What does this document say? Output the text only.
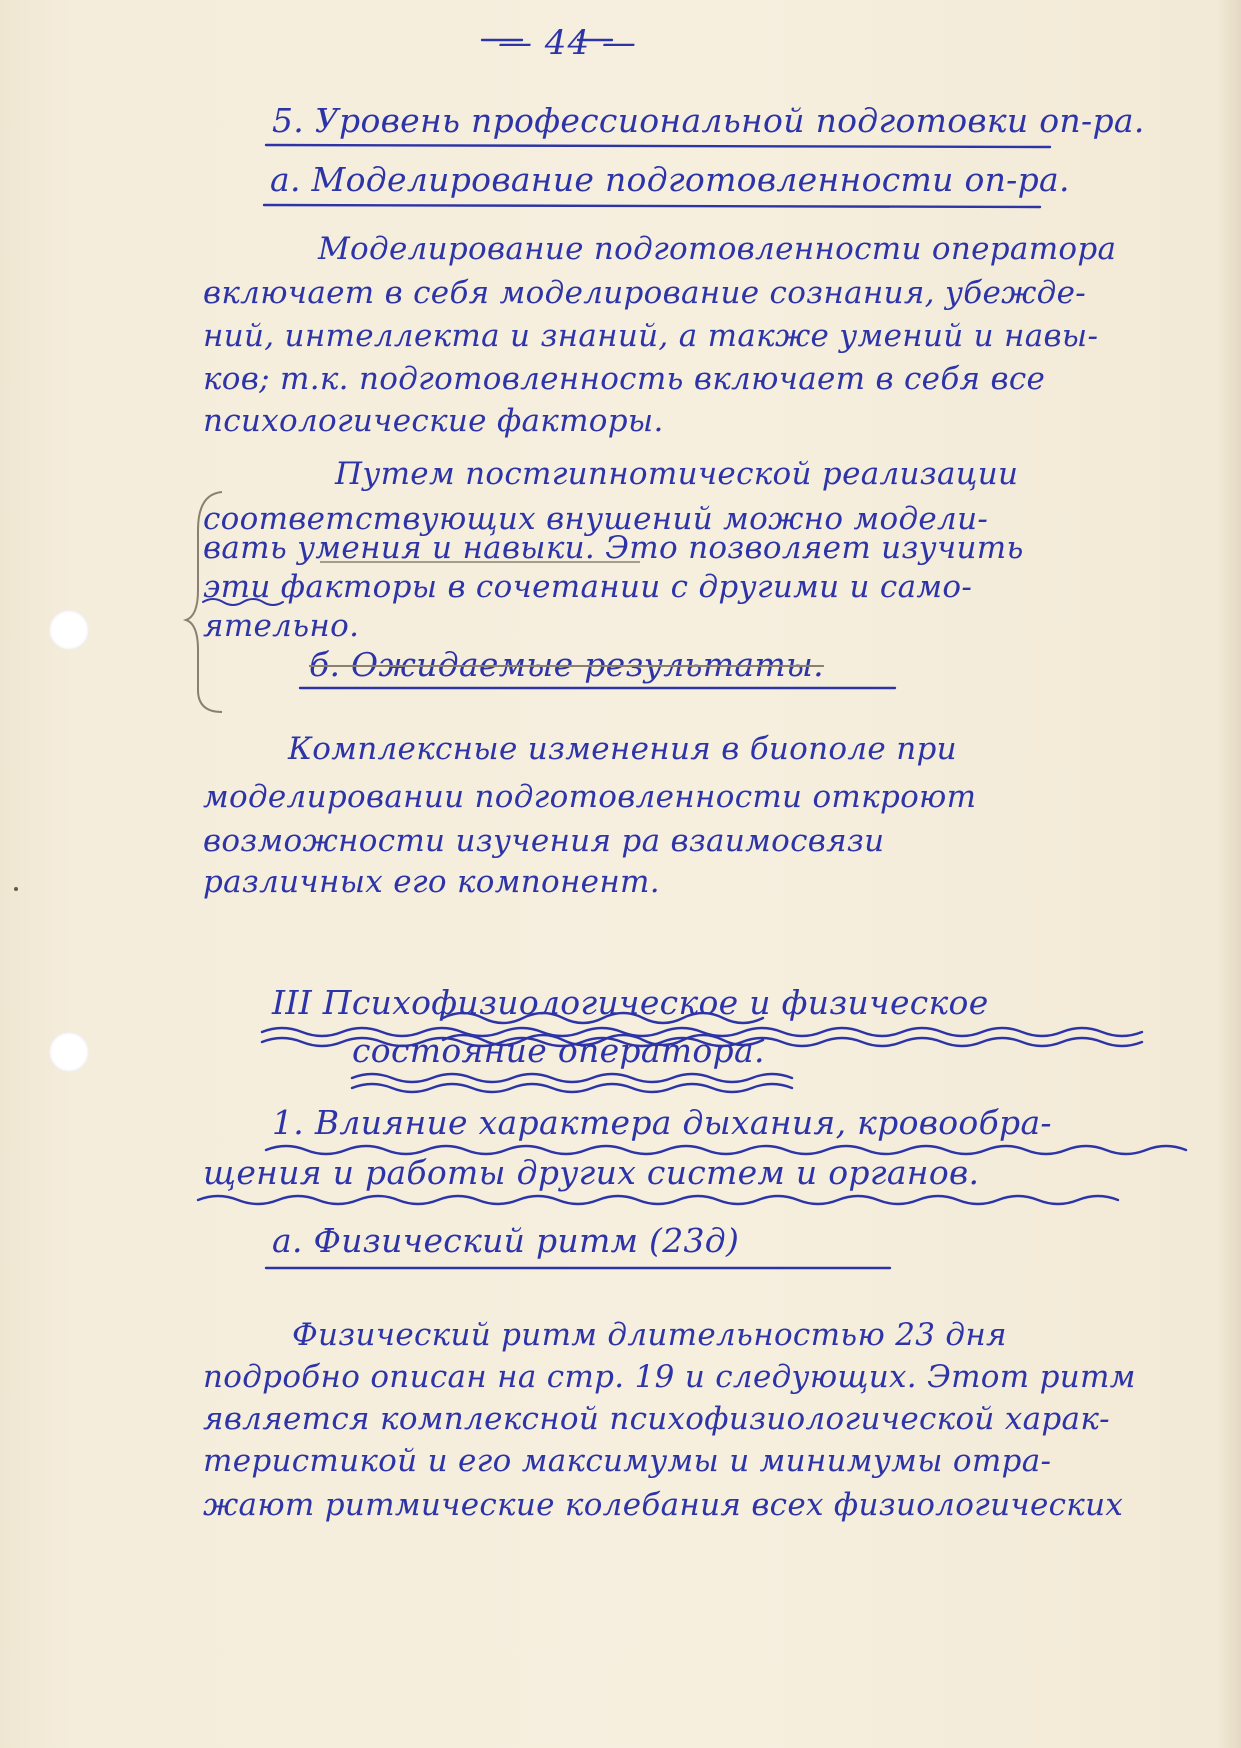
— 44 —
5. Уровень профессиональной подготовки оп-ра.
а. Моделирование подготовленности оп-ра.
Моделирование подготовленности оператора
включает в себя моделирование сознания, убежде-
ний, интеллекта и знаний, а также умений и навы-
ков; т.к. подготовленность включает в себя все
психологические факторы.
Путем постгипнотической реализации
соответствующих внушений можно модели-
вать умения и навыки. Это позволяет изучить
эти факторы в сочетании с другими и само-
ятельно.
б. Ожидаемые результаты.
Комплексные изменения в биополе при
моделировании подготовленности откроют
возможности изучения ра взаимосвязи
различных его компонент.
III Психофизиологическое и физическое
состояние оператора.
1. Влияние характера дыхания, кровообра-
щения и работы других систем и органов.
а. Физический ритм (23д)
Физический ритм длительностью 23 дня
подробно описан на стр. 19 и следующих. Этот ритм
является комплексной психофизиологической харак-
теристикой и его максимумы и минимумы отра-
жают ритмические колебания всех физиологических
